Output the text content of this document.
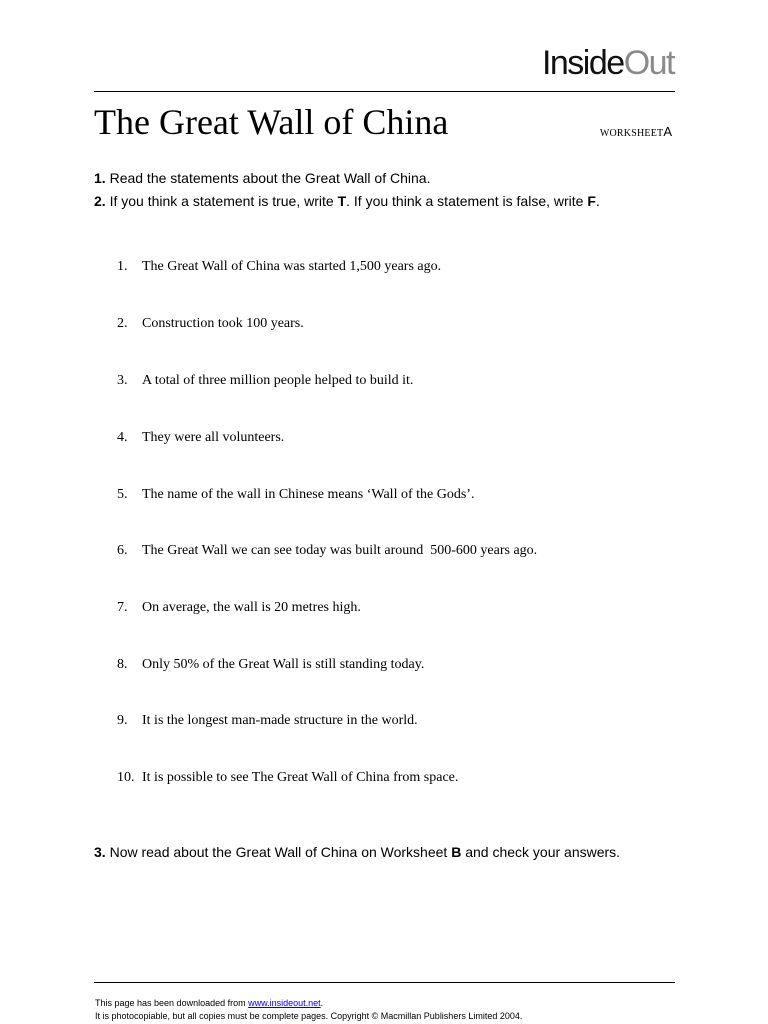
InsideOut
The Great Wall of China	WORKSHEETA
1. Read the statements about the Great Wall of China.
2. If you think a statement is true, write T. If you think a statement is false, write F.
1. The Great Wall of China was started 1,500 years ago.
2. Construction took 100 years.
3. A total of three million people helped to build it.
4. They were all volunteers.
5. The name of the wall in Chinese means ‘Wall of the Gods’.
6. The Great Wall we can see today was built around  500-600 years ago.
7. On average, the wall is 20 metres high.
8. Only 50% of the Great Wall is still standing today.
9. It is the longest man-made structure in the world.
10. It is possible to see The Great Wall of China from space.
3. Now read about the Great Wall of China on Worksheet B and check your answers.
This page has been downloaded from www.insideout.net.
It is photocopiable, but all copies must be complete pages. Copyright © Macmillan Publishers Limited 2004.
